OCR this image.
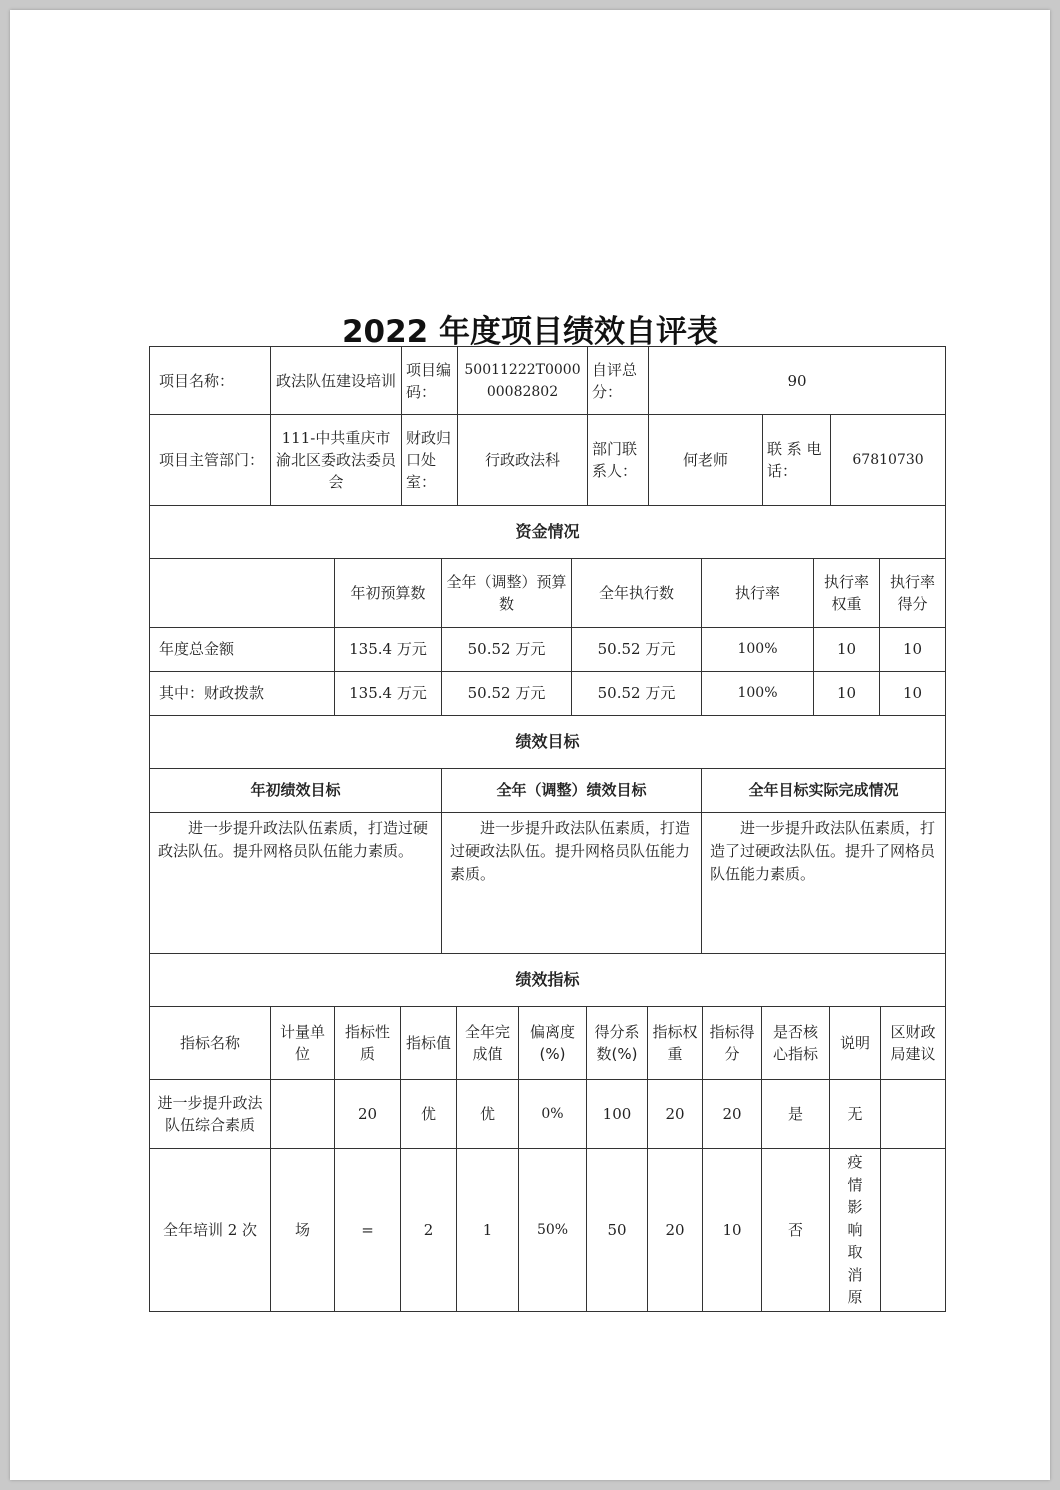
2022 年度项目绩效自评表
项目名称：	政法队伍建设培训	项目编码：	50011222T000000082802	自评总分：	90		
项目主管部门：	111-中共重庆市渝北区委政法委员会	财政归口处室：	行政政法科	部门联系人：	何老师	联 系 电话：	67810730
资金情况							
	年初预算数	全年（调整）预算数	全年执行数	执行率	执行率权重	执行率得分
年度总金额	135.4 万元	50.52 万元	50.52 万元	100%	10	10
其中：财政拨款	135.4 万元	50.52 万元	50.52 万元	100%	10	10
绩效目标						
年初绩效目标		全年（调整）绩效目标		全年目标实际完成情况		
进一步提升政法队伍素质，打造过硬政法队伍。提升网格员队伍能力素质。		进一步提升政法队伍素质，打造过硬政法队伍。提升网格员队伍能力素质。		进一步提升政法队伍素质，打造了过硬政法队伍。提升了网格员队伍能力素质。		
绩效指标						
指标名称	计量单位	指标性质	指标值	全年完成值	偏离度(%)	得分系数(%)	指标权重	指标得分	是否核心指标	说明	区财政局建议
进一步提升政法队伍综合素质		20	优	优	0%	100	20	20	是	无	
全年培训 2 次	场	=	2	1	50%	50	20	10	否	疫情影响取消原	
